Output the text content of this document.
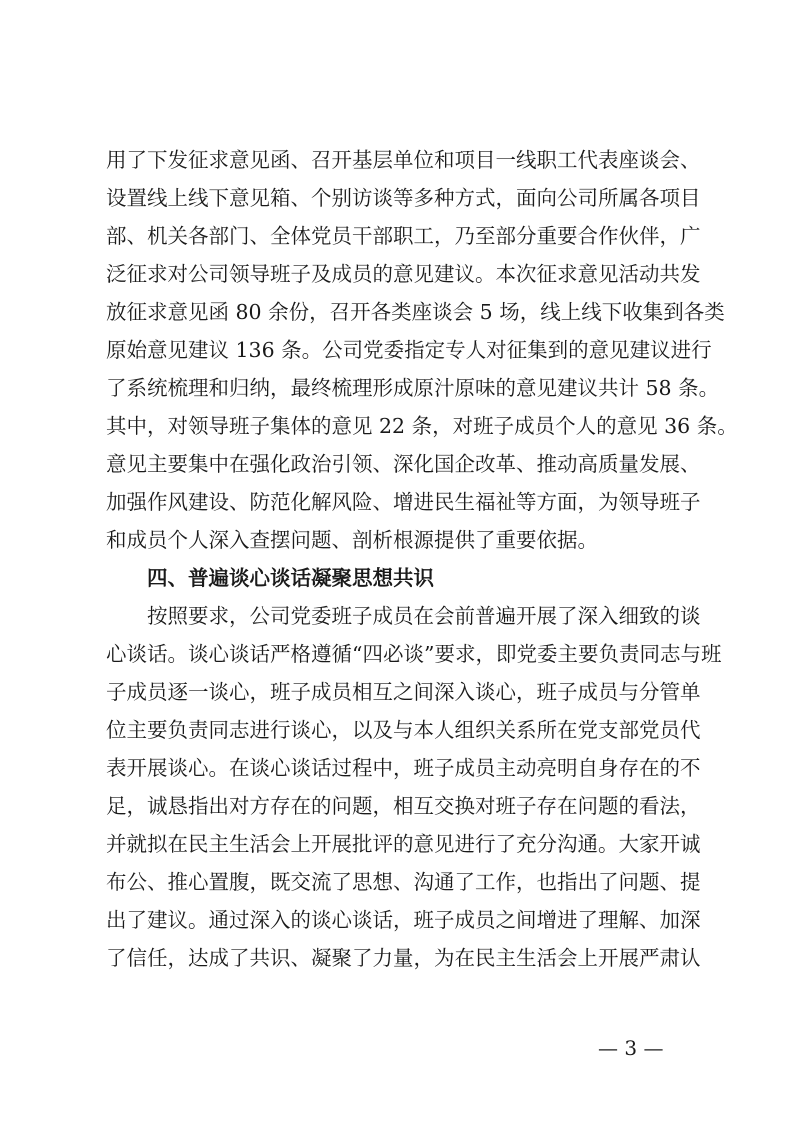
用了下发征求意见函、召开基层单位和项目一线职工代表座谈会、
设置线上线下意见箱、个别访谈等多种方式，面向公司所属各项目
部、机关各部门、全体党员干部职工，乃至部分重要合作伙伴，广
泛征求对公司领导班子及成员的意见建议。本次征求意见活动共发
放征求意见函 80 余份，召开各类座谈会 5 场，线上线下收集到各类
原始意见建议 136 条。公司党委指定专人对征集到的意见建议进行
了系统梳理和归纳，最终梳理形成原汁原味的意见建议共计 58 条。
其中，对领导班子集体的意见 22 条，对班子成员个人的意见 36 条。
意见主要集中在强化政治引领、深化国企改革、推动高质量发展、
加强作风建设、防范化解风险、增进民生福祉等方面，为领导班子
和成员个人深入查摆问题、剖析根源提供了重要依据。
四、普遍谈心谈话凝聚思想共识
按照要求，公司党委班子成员在会前普遍开展了深入细致的谈
心谈话。谈心谈话严格遵循“四必谈”要求，即党委主要负责同志与班
子成员逐一谈心，班子成员相互之间深入谈心，班子成员与分管单
位主要负责同志进行谈心，以及与本人组织关系所在党支部党员代
表开展谈心。在谈心谈话过程中，班子成员主动亮明自身存在的不
足，诚恳指出对方存在的问题，相互交换对班子存在问题的看法，
并就拟在民主生活会上开展批评的意见进行了充分沟通。大家开诚
布公、推心置腹，既交流了思想、沟通了工作，也指出了问题、提
出了建议。通过深入的谈心谈话，班子成员之间增进了理解、加深
了信任，达成了共识、凝聚了力量，为在民主生活会上开展严肃认
— 3 —
